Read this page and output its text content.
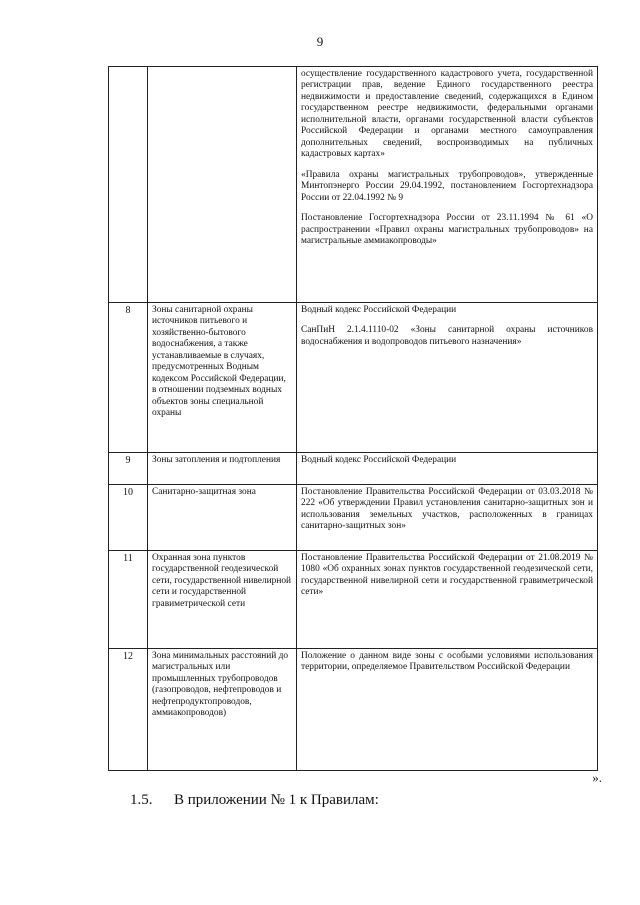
9

		осуществление государственного кадастрового учета, государственной регистрации прав, ведение Единого государственного реестра недвижимости и предоставление сведений, содержащихся в Едином государственном реестре недвижимости, федеральными органами исполнительной власти, органами государственной власти субъектов Российской Федерации и органами местного самоуправления дополнительных сведений, воспроизводимых на публичных кадастровых картах»

«Правила охраны магистральных трубопроводов», утвержденные Минтопэнерго России 29.04.1992, постановлением Госгортехнадзора России от 22.04.1992 № 9

Постановление Госгортехнадзора России от 23.11.1994 № 61 «О распространении «Правил охраны магистральных трубопроводов» на магистральные аммиакопроводы»

8	Зоны санитарной охраны источников питьевого и хозяйственно-бытового водоснабжения, а также устанавливаемые в случаях, предусмотренных Водным кодексом Российской Федерации, в отношении подземных водных объектов зоны специальной охраны	Водный кодекс Российской Федерации

СанПиН 2.1.4.1110-02 «Зоны санитарной охраны источников водоснабжения и водопроводов питьевого назначения»

9	Зоны затопления и подтопления	Водный кодекс Российской Федерации

10	Санитарно-защитная зона	Постановление Правительства Российской Федерации от 03.03.2018 № 222 «Об утверждении Правил установления санитарно-защитных зон и использования земельных участков, расположенных в границах санитарно-защитных зон»

11	Охранная зона пунктов государственной геодезической сети, государственной нивелирной сети и государственной гравиметрической сети	Постановление Правительства Российской Федерации от 21.08.2019 № 1080 «Об охранных зонах пунктов государственной геодезической сети, государственной нивелирной сети и государственной гравиметрической сети»

12	Зона минимальных расстояний до магистральных или промышленных трубопроводов (газопроводов, нефтепроводов и нефтепродуктопроводов, аммиакопроводов)	Положение о данном виде зоны с особыми условиями использования территории, определяемое Правительством Российской Федерации

».
1.5. В приложении № 1 к Правилам:
